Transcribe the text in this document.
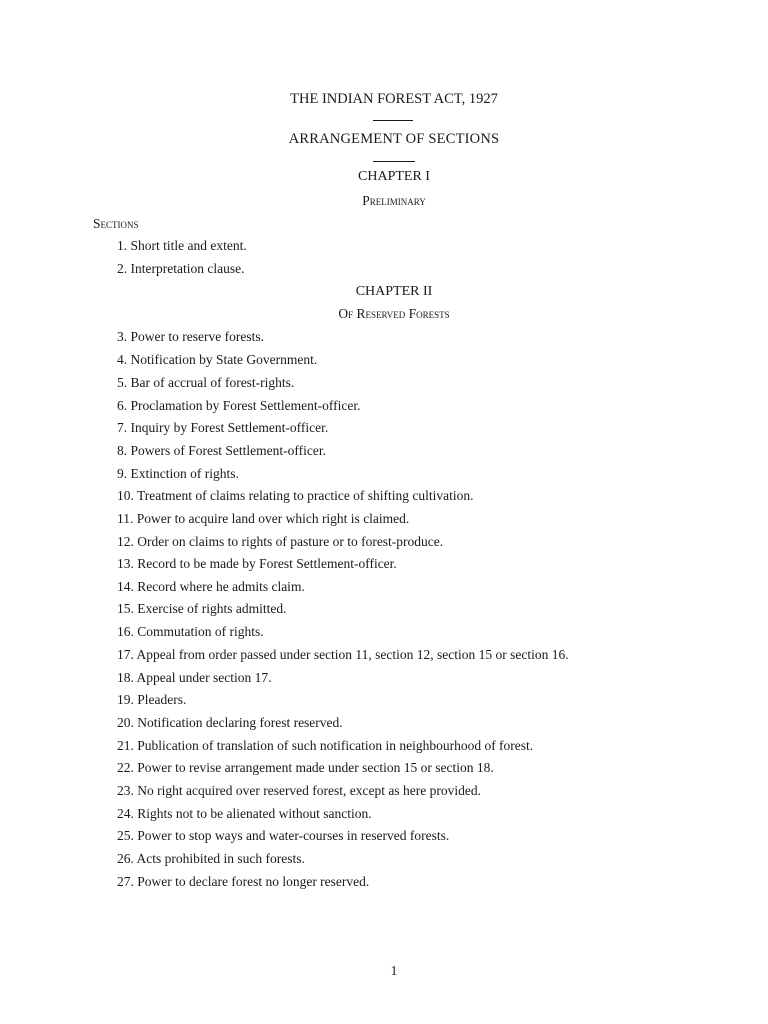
THE INDIAN FOREST ACT, 1927
ARRANGEMENT OF SECTIONS
CHAPTER I
Preliminary
Sections
1. Short title and extent.
2. Interpretation clause.
CHAPTER II
Of Reserved Forests
3. Power to reserve forests.
4. Notification by State Government.
5. Bar of accrual of forest-rights.
6. Proclamation by Forest Settlement-officer.
7. Inquiry by Forest Settlement-officer.
8. Powers of Forest Settlement-officer.
9. Extinction of rights.
10. Treatment of claims relating to practice of shifting cultivation.
11. Power to acquire land over which right is claimed.
12. Order on claims to rights of pasture or to forest-produce.
13. Record to be made by Forest Settlement-officer.
14. Record where he admits claim.
15. Exercise of rights admitted.
16. Commutation of rights.
17. Appeal from order passed under section 11, section 12, section 15 or section 16.
18. Appeal under section 17.
19. Pleaders.
20. Notification declaring forest reserved.
21. Publication of translation of such notification in neighbourhood of forest.
22. Power to revise arrangement made under section 15 or section 18.
23. No right acquired over reserved forest, except as here provided.
24. Rights not to be alienated without sanction.
25. Power to stop ways and water-courses in reserved forests.
26. Acts prohibited in such forests.
27. Power to declare forest no longer reserved.
1
